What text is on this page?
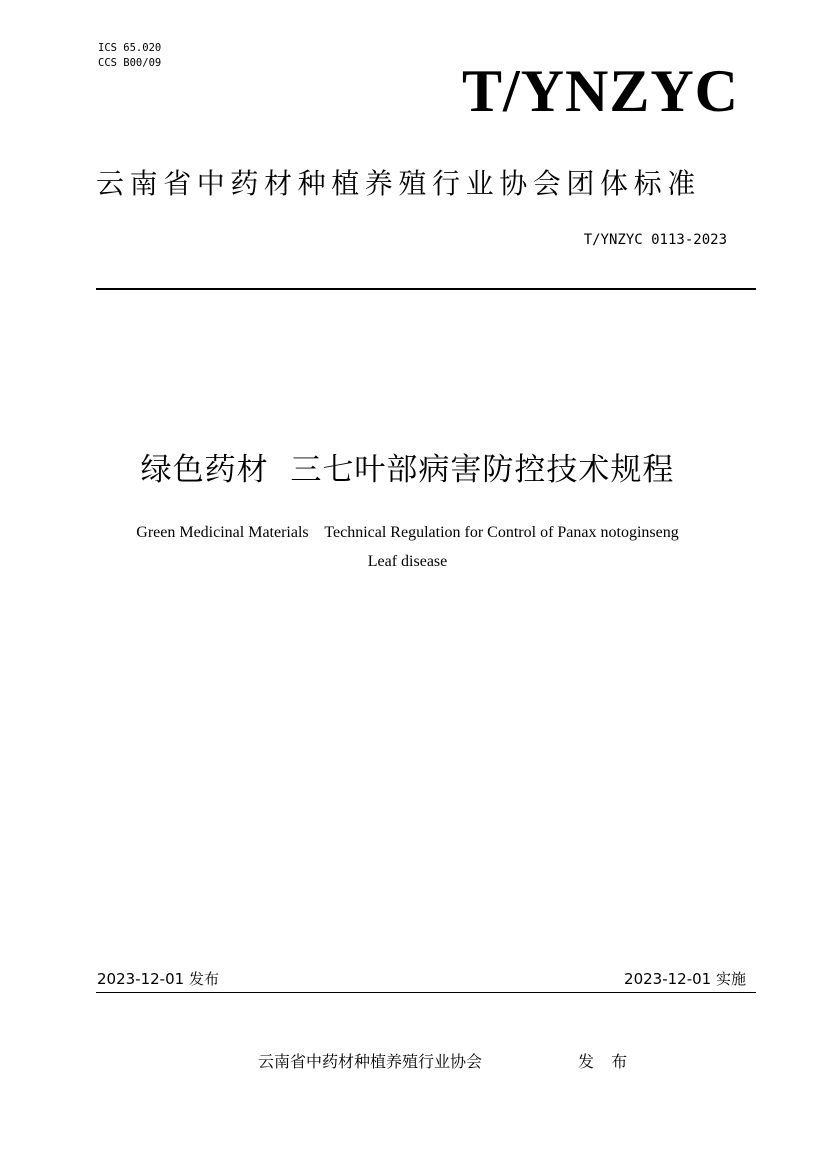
ICS 65.020
CCS B00/09	T/YNZYC
云南省中药材种植养殖行业协会团体标准
T/YNZYC 0113-2023
绿色药材  三七叶部病害防控技术规程
Green Medicinal Materials    Technical Regulation for Control of Panax notoginseng Leaf disease
2023-12-01 发布	2023-12-01 实施
云南省中药材种植养殖行业协会	发 布
